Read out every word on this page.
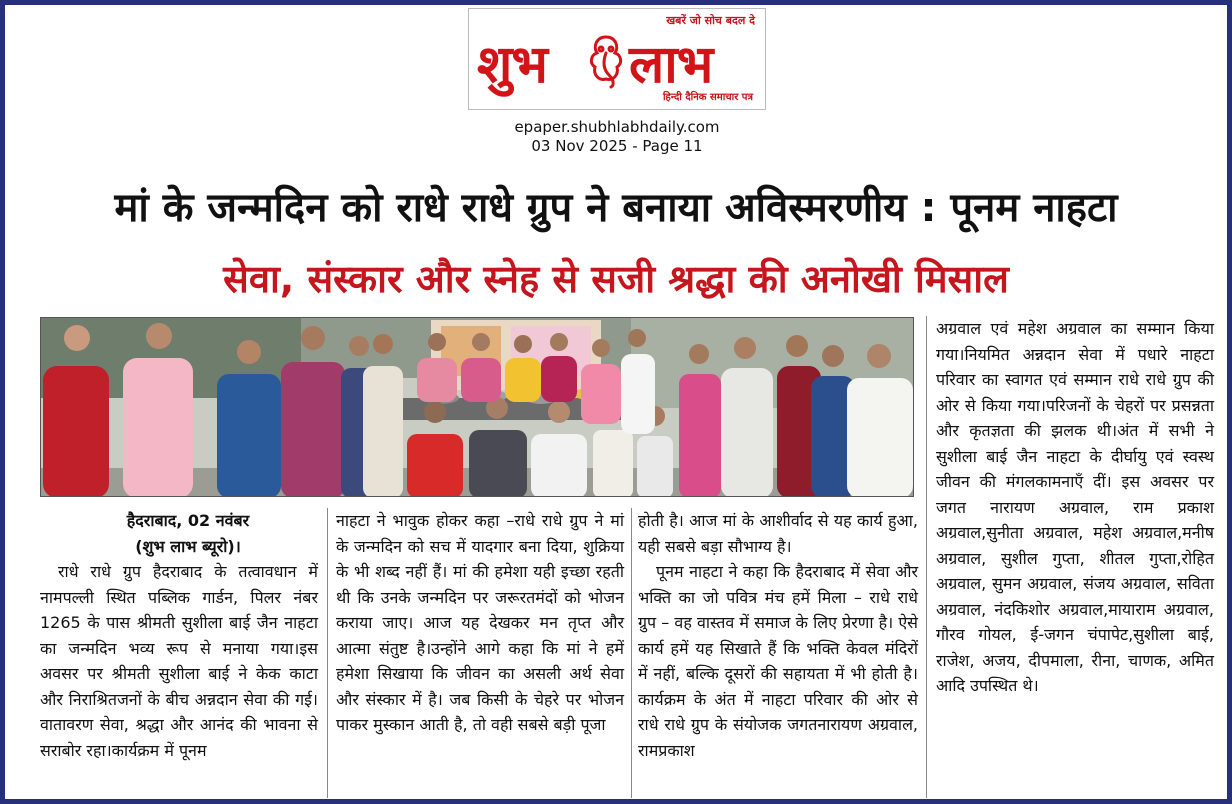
खबरें जो सोच बदल दे
शुभ लाभ
हिन्दी दैनिक समाचार पत्र
epaper.shubhlabhdaily.com
03 Nov 2025 - Page 11
मां के जन्मदिन को राधे राधे ग्रुप ने बनाया अविस्मरणीय : पूनम नाहटा
सेवा, संस्कार और स्नेह से सजी श्रद्धा की अनोखी मिसाल

हैदराबाद, 02 नवंबर

(शुभ लाभ ब्यूरो)।

राधे राधे ग्रुप हैदराबाद के तत्वावधान में नामपल्ली स्थित पब्लिक गार्डन, पिलर नंबर 1265 के पास श्रीमती सुशीला बाई जैन नाहटा का जन्मदिन भव्य रूप से मनाया गया।इस अवसर पर श्रीमती सुशीला बाई ने केक काटा और निराश्रितजनों के बीच अन्नदान सेवा की गई। वातावरण सेवा, श्रद्धा और आनंद की भावना से सराबोर रहा।कार्यक्रम में पूनम

नाहटा ने भावुक होकर कहा –राधे राधे ग्रुप ने मां के जन्मदिन को सच में यादगार बना दिया, शुक्रिया के भी शब्द नहीं हैं। मां की हमेशा यही इच्छा रहती थी कि उनके जन्मदिन पर जरूरतमंदों को भोजन कराया जाए। आज यह देखकर मन तृप्त और आत्मा संतुष्ट है।उन्होंने आगे कहा कि मां ने हमें हमेशा सिखाया कि जीवन का असली अर्थ सेवा और संस्कार में है। जब किसी के चेहरे पर भोजन पाकर मुस्कान आती है, तो वही सबसे बड़ी पूजा

होती है। आज मां के आशीर्वाद से यह कार्य हुआ, यही सबसे बड़ा सौभाग्य है।

पूनम नाहटा ने कहा कि हैदराबाद में सेवा और भक्ति का जो पवित्र मंच हमें मिला – राधे राधे ग्रुप – वह वास्तव में समाज के लिए प्रेरणा है। ऐसे कार्य हमें यह सिखाते हैं कि भक्ति केवल मंदिरों में नहीं, बल्कि दूसरों की सहायता में भी होती है।कार्यक्रम के अंत में नाहटा परिवार की ओर से राधे राधे ग्रुप के संयोजक जगतनारायण अग्रवाल, रामप्रकाश

अग्रवाल एवं महेश अग्रवाल का सम्मान किया गया।नियमित अन्नदान सेवा में पधारे नाहटा परिवार का स्वागत एवं सम्मान राधे राधे ग्रुप की ओर से किया गया।परिजनों के चेहरों पर प्रसन्नता और कृतज्ञता की झलक थी।अंत में सभी ने सुशीला बाई जैन नाहटा के दीर्घायु एवं स्वस्थ जीवन की मंगलकामनाएँ दीं। इस अवसर पर जगत नारायण अग्रवाल, राम प्रकाश अग्रवाल,सुनीता अग्रवाल, महेश अग्रवाल,मनीष अग्रवाल, सुशील गुप्ता, शीतल गुप्ता,रोहित अग्रवाल, सुमन अग्रवाल, संजय अग्रवाल, सविता अग्रवाल, नंदकिशोर अग्रवाल,मायाराम अग्रवाल, गौरव गोयल, ई-जगन चंपापेट,सुशीला बाई, राजेश, अजय, दीपमाला, रीना, चाणक, अमित आदि उपस्थित थे।
